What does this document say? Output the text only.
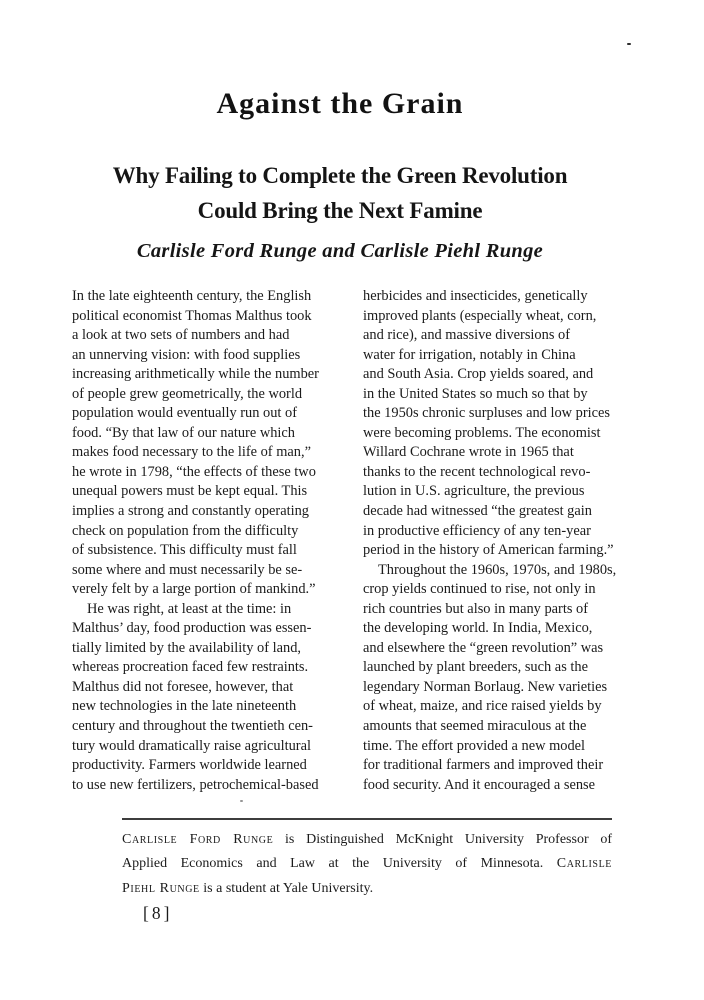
Against the Grain
Why Failing to Complete the Green Revolution
Could Bring the Next Famine
Carlisle Ford Runge and Carlisle Piehl Runge
In the late eighteenth century, the English
political economist Thomas Malthus took
a look at two sets of numbers and had
an unnerving vision: with food supplies
increasing arithmetically while the number
of people grew geometrically, the world
population would eventually run out of
food. “By that law of our nature which
makes food necessary to the life of man,”
he wrote in 1798, “the effects of these two
unequal powers must be kept equal. This
implies a strong and constantly operating
check on population from the difficulty
of subsistence. This difficulty must fall
some where and must necessarily be se-
verely felt by a large portion of mankind.”
He was right, at least at the time: in
Malthus’ day, food production was essen-
tially limited by the availability of land,
whereas procreation faced few restraints.
Malthus did not foresee, however, that
new technologies in the late nineteenth
century and throughout the twentieth cen-
tury would dramatically raise agricultural
productivity. Farmers worldwide learned
to use new fertilizers, petrochemical-based
herbicides and insecticides, genetically
improved plants (especially wheat, corn,
and rice), and massive diversions of
water for irrigation, notably in China
and South Asia. Crop yields soared, and
in the United States so much so that by
the 1950s chronic surpluses and low prices
were becoming problems. The economist
Willard Cochrane wrote in 1965 that
thanks to the recent technological revo-
lution in U.S. agriculture, the previous
decade had witnessed “the greatest gain
in productive efficiency of any ten-year
period in the history of American farming.”
Throughout the 1960s, 1970s, and 1980s,
crop yields continued to rise, not only in
rich countries but also in many parts of
the developing world. In India, Mexico,
and elsewhere the “green revolution” was
launched by plant breeders, such as the
legendary Norman Borlaug. New varieties
of wheat, maize, and rice raised yields by
amounts that seemed miraculous at the
time. The effort provided a new model
for traditional farmers and improved their
food security. And it encouraged a sense
Carlisle Ford Runge is Distinguished McKnight University Professor of
Applied Economics and Law at the University of Minnesota. Carlisle
Piehl Runge is a student at Yale University.
[8]
